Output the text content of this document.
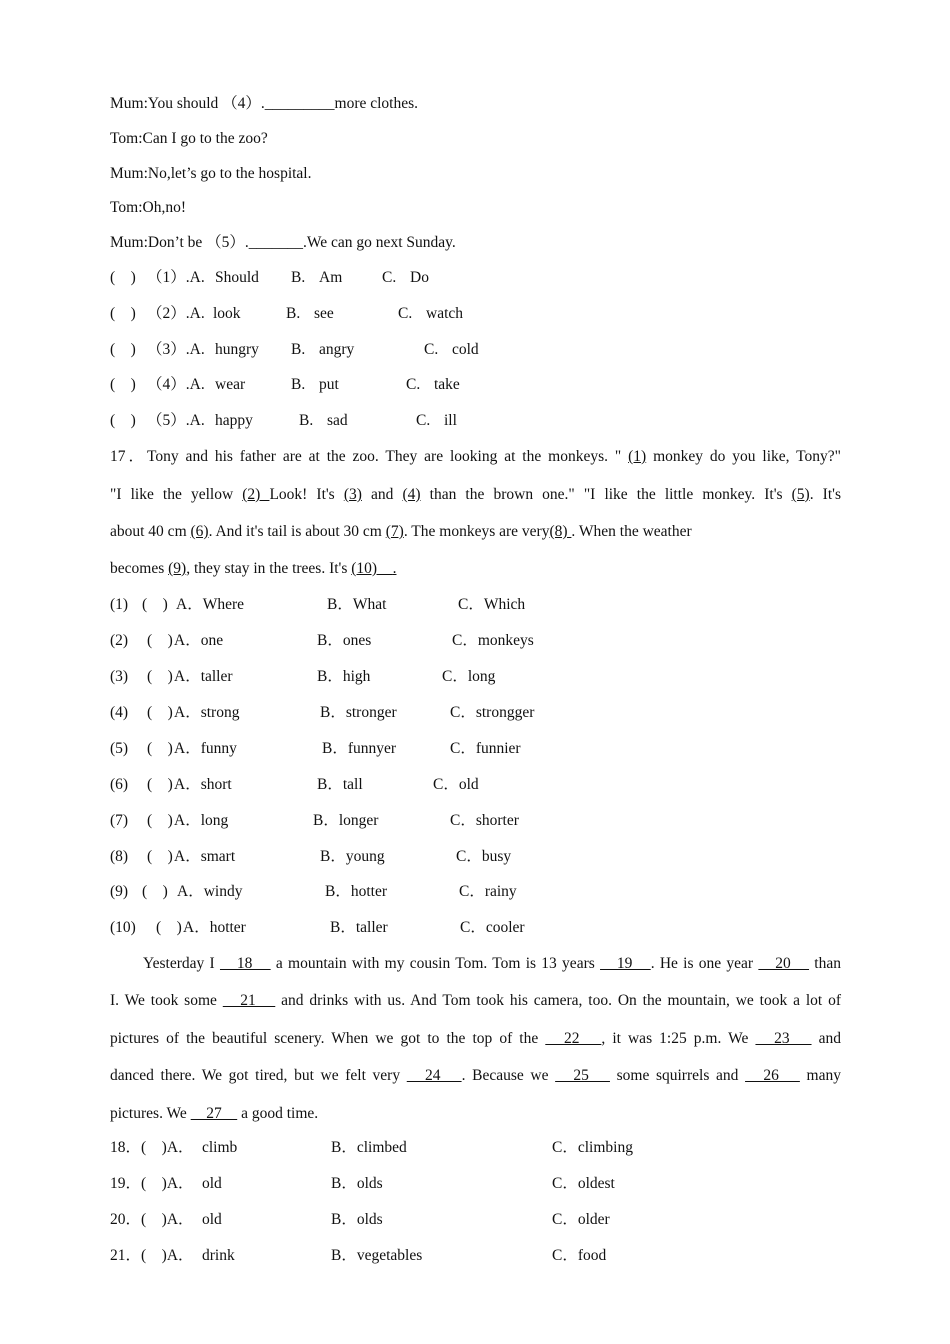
Mum:You should （4）._________more clothes.
Tom:Can I go to the zoo?
Mum:No,let’s go to the hospital.
Tom:Oh,no!
Mum:Don’t be （5）._______.We can go next Sunday.
(　) （1）.A. Should B. Am	C. Do
(　) （2）.A. look	B. see	C. watch
(　) （3）.A. hungry B. angry	C. cold
(　) （4）.A. wear	B. put	C. take
(　) （5）.A. happy	B. sad	C. ill
17．Tony and his father are at the zoo. They are looking at the monkeys. " (1) monkey do you like, Tony?"
"I like the yellow (2) Look! It's (3) and (4) than the brown one." "I like the little monkey. It's (5). It's
about 40 cm (6). And it's tail is about 30 cm (7). The monkeys are very(8) . When the weather
becomes (9), they stay in the trees. It's (10)　.
(1) (　) A．Where	B．What	C．Which
(2) (　) A．one	B．ones	C．monkeys
(3) (　) A．taller	B．high	C．long
(4) (　) A．strong	B．stronger	C．strongger
(5) (　) A．funny	B．funnyer	C．funnier
(6) (　) A．short	B．tall	C．old
(7) (　) A．long	B．longer	C．shorter
(8) (　) A．smart	B．young	C．busy
(9) (　) A．windy	B．hotter	C．rainy
(10) (　) A．hotter	B．taller	C．cooler
Yesterday I 　18　 a mountain with my cousin Tom. Tom is 13 years 　19　. He is one year 　20　 than
I. We took some 　21　 and drinks with us. And Tom took his camera, too. On the mountain, we took a lot of
pictures of the beautiful scenery. When we got to the top of the 　22　, it was 1:25 p.m. We 　23　 and
danced there. We got tired, but we felt very 　24　. Because we 　25　 some squirrels and 　26　 many
pictures. We 　27　 a good time.
18．(　)A． climb	B．climbed	C．climbing
19．(　)A． old	B．olds	C．oldest
20．(　)A． old	B．olds	C．older
21．(　)A． drink	B．vegetables	C．food
